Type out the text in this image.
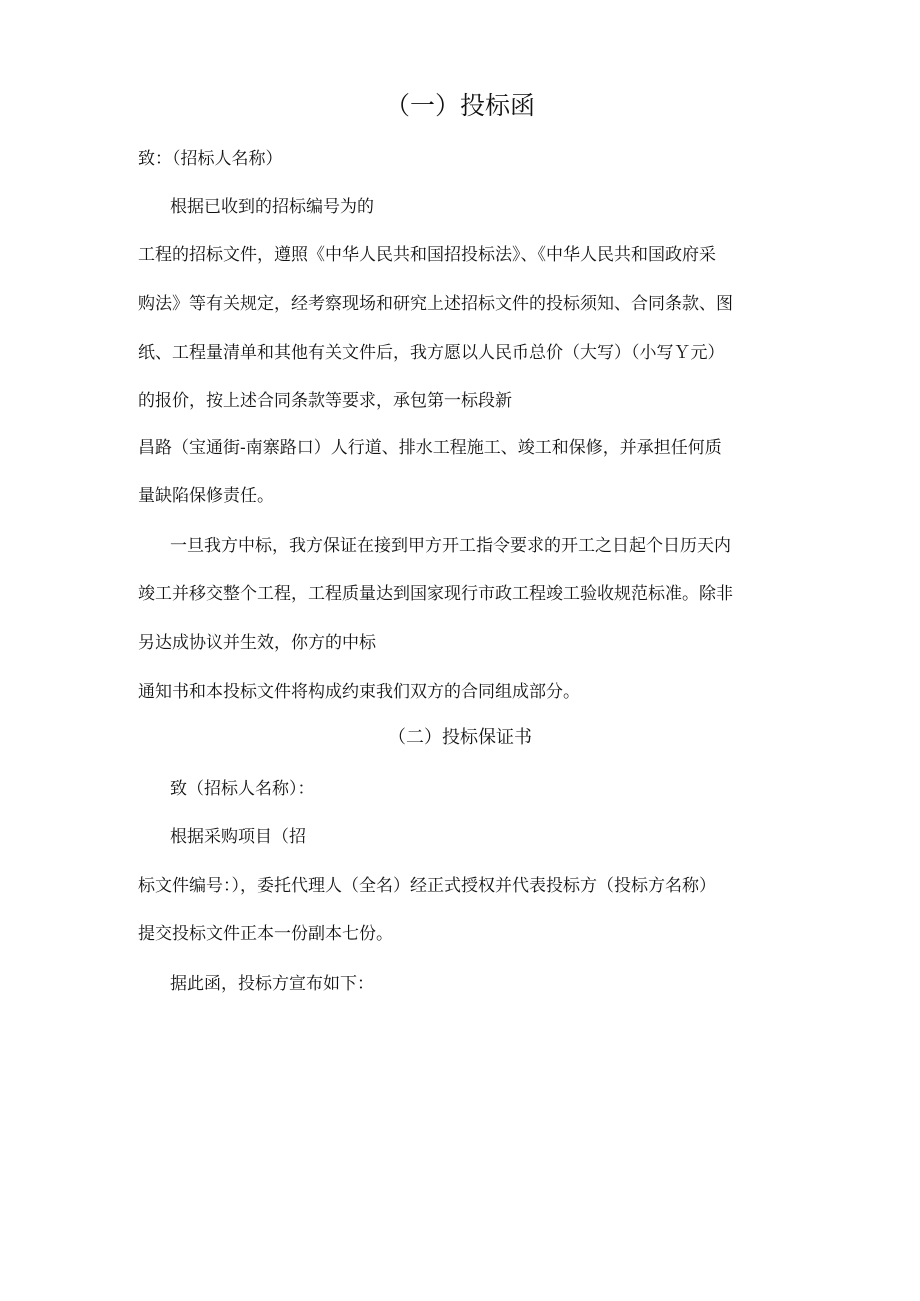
（一）投标函
致：（招标人名称）
根据已收到的招标编号为的
工程的招标文件，遵照《中华人民共和国招投标法》、《中华人民共和国政府采
购法》等有关规定，经考察现场和研究上述招标文件的投标须知、合同条款、图
纸、工程量清单和其他有关文件后，我方愿以人民币总价（大写）（小写Ｙ元）
的报价，按上述合同条款等要求，承包第一标段新
昌路（宝通街-南寨路口）人行道、排水工程施工、竣工和保修，并承担任何质
量缺陷保修责任。
一旦我方中标，我方保证在接到甲方开工指令要求的开工之日起个日历天内
竣工并移交整个工程，工程质量达到国家现行市政工程竣工验收规范标准。除非
另达成协议并生效，你方的中标
通知书和本投标文件将构成约束我们双方的合同组成部分。
（二）投标保证书
致（招标人名称）：
根据采购项目（招
标文件编号：），委托代理人（全名）经正式授权并代表投标方（投标方名称）
提交投标文件正本一份副本七份。
据此函，投标方宣布如下：
